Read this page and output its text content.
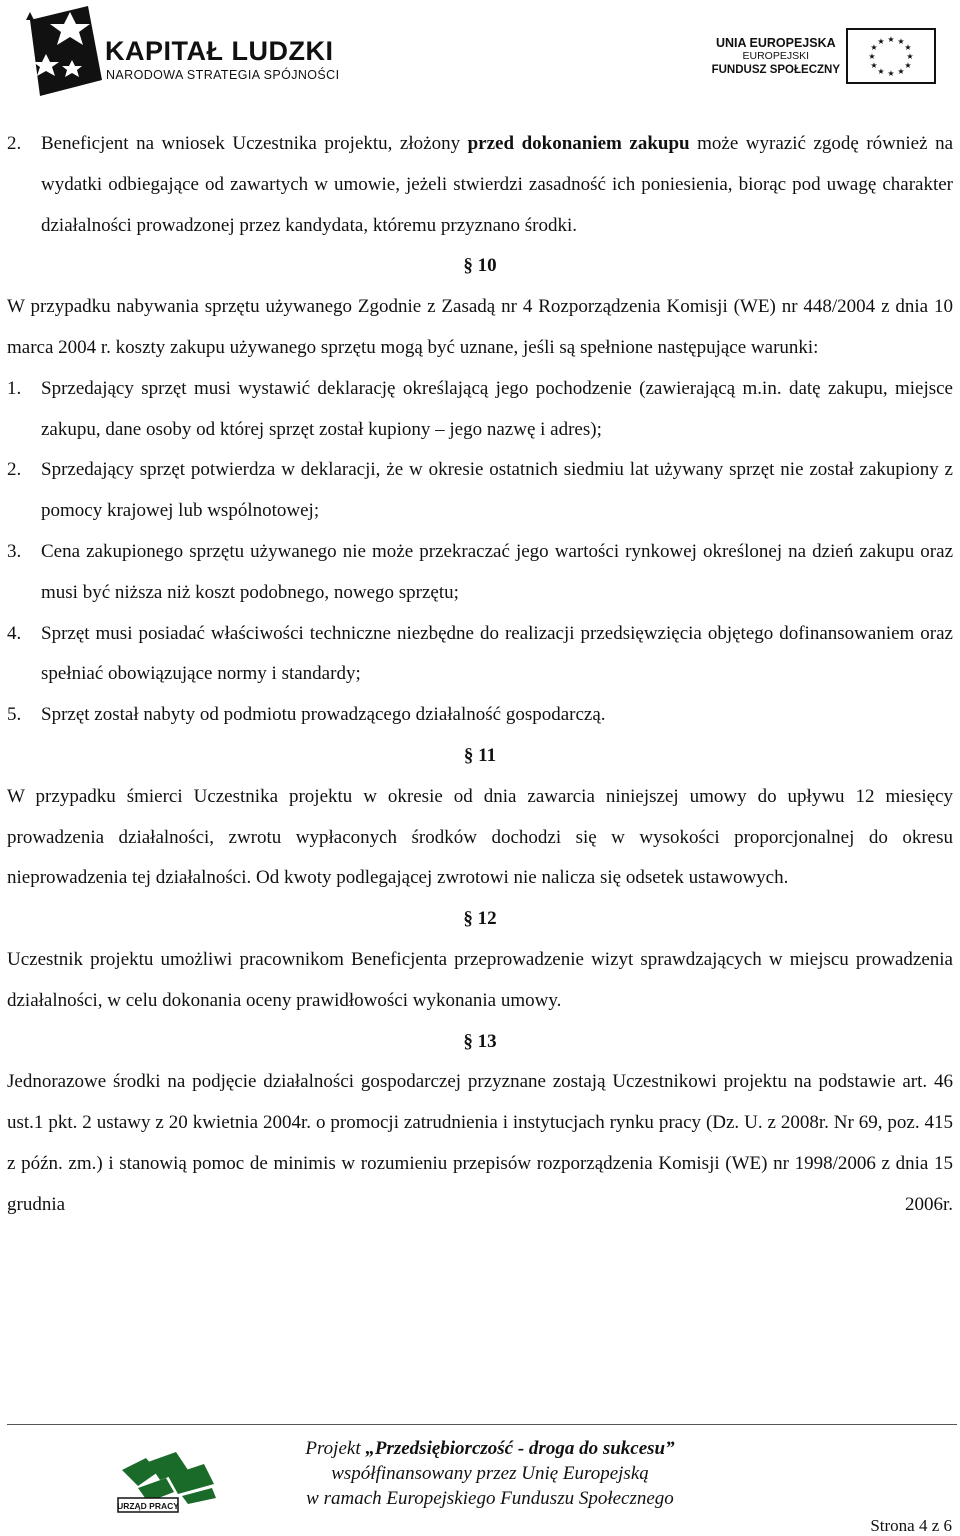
KAPITAŁ LUDZKI
NARODOWA STRATEGIA SPÓJNOŚCI
UNIA EUROPEJSKA
EUROPEJSKI
FUNDUSZ SPOŁECZNY
★ ★
★
★
★
★
★
★
★
★
★
★

2. Beneficjent na wniosek Uczestnika projektu, złożony przed dokonaniem zakupu może wyrazić zgodę również na wydatki odbiegające od zawartych w umowie, jeżeli stwierdzi zasadność ich poniesienia, biorąc pod uwagę charakter działalności prowadzonej przez kandydata, któremu przyznano środki.

§ 10

W przypadku nabywania sprzętu używanego Zgodnie z Zasadą nr 4 Rozporządzenia Komisji (WE) nr 448/2004 z dnia 10 marca 2004 r. koszty zakupu używanego sprzętu mogą być uznane, jeśli są spełnione następujące warunki:

1. Sprzedający sprzęt musi wystawić deklarację określającą jego pochodzenie (zawierającą m.in. datę zakupu, miejsce zakupu, dane osoby od której sprzęt został kupiony – jego nazwę i adres);

2. Sprzedający sprzęt potwierdza w deklaracji, że w okresie ostatnich siedmiu lat używany sprzęt nie został zakupiony z pomocy krajowej lub wspólnotowej;

3. Cena zakupionego sprzętu używanego nie może przekraczać jego wartości rynkowej określonej na dzień zakupu oraz musi być niższa niż koszt podobnego, nowego sprzętu;

4. Sprzęt musi posiadać właściwości techniczne niezbędne do realizacji przedsięwzięcia objętego dofinansowaniem oraz spełniać obowiązujące normy i standardy;

5. Sprzęt został nabyty od podmiotu prowadzącego działalność gospodarczą.

§ 11

W przypadku śmierci Uczestnika projektu w okresie od dnia zawarcia niniejszej umowy do upływu 12 miesięcy prowadzenia działalności, zwrotu wypłaconych środków dochodzi się w wysokości proporcjonalnej do okresu nieprowadzenia tej działalności. Od kwoty podlegającej zwrotowi nie nalicza się odsetek ustawowych.

§ 12

Uczestnik projektu umożliwi pracownikom Beneficjenta przeprowadzenie wizyt sprawdzających w miejscu prowadzenia działalności, w celu dokonania oceny prawidłowości wykonania umowy.

§ 13

Jednorazowe środki na podjęcie działalności gospodarczej przyznane zostają Uczestnikowi projektu na podstawie art. 46 ust.1 pkt. 2 ustawy z 20 kwietnia 2004r. o promocji zatrudnienia i instytucjach rynku pracy (Dz. U. z 2008r. Nr 69, poz. 415 z późn. zm.) i stanowią pomoc de minimis w rozumieniu przepisów rozporządzenia Komisji (WE) nr 1998/2006 z dnia 15 grudnia 2006r.

URZĄD PRACY
Projekt „Przedsiębiorczość - droga do sukcesu”
współfinansowany przez Unię Europejską
w ramach Europejskiego Funduszu Społecznego
Strona 4 z 6
